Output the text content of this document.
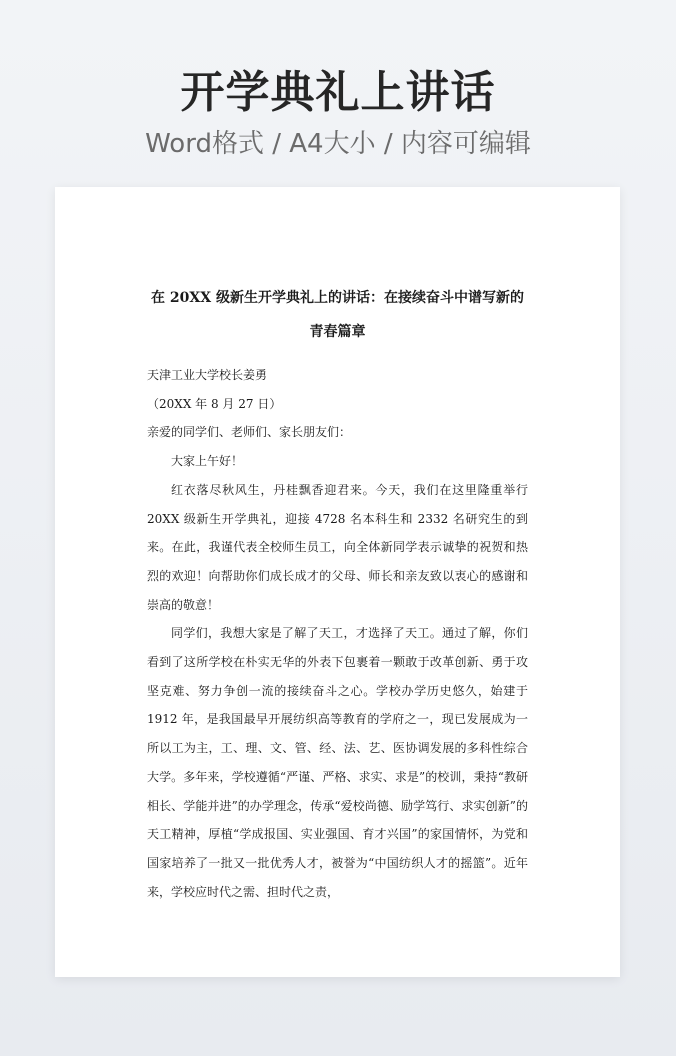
开学典礼上讲话
Word格式 / A4大小 / 内容可编辑
在 20XX 级新生开学典礼上的讲话：在接续奋斗中谱写新的
青春篇章
天津工业大学校长姜勇
（20XX 年 8 月 27 日）
亲爱的同学们、老师们、家长朋友们：
大家上午好！
红衣落尽秋风生，丹桂飘香迎君来。今天，我们在这里隆重举行 20XX 级新生开学典礼，迎接 4728 名本科生和 2332 名研究生的到来。在此，我谨代表全校师生员工，向全体新同学表示诚挚的祝贺和热烈的欢迎！向帮助你们成长成才的父母、师长和亲友致以衷心的感谢和崇高的敬意！
同学们，我想大家是了解了天工，才选择了天工。通过了解，你们看到了这所学校在朴实无华的外表下包裹着一颗敢于改革创新、勇于攻坚克难、努力争创一流的接续奋斗之心。学校办学历史悠久，始建于 1912 年，是我国最早开展纺织高等教育的学府之一，现已发展成为一所以工为主，工、理、文、管、经、法、艺、医协调发展的多科性综合大学。多年来，学校遵循“严谨、严格、求实、求是”的校训，秉持“教研相长、学能并进”的办学理念，传承“爱校尚德、励学笃行、求实创新”的天工精神，厚植“学成报国、实业强国、育才兴国”的家国情怀，为党和国家培养了一批又一批优秀人才，被誉为“中国纺织人才的摇篮”。近年来，学校应时代之需、担时代之责，
